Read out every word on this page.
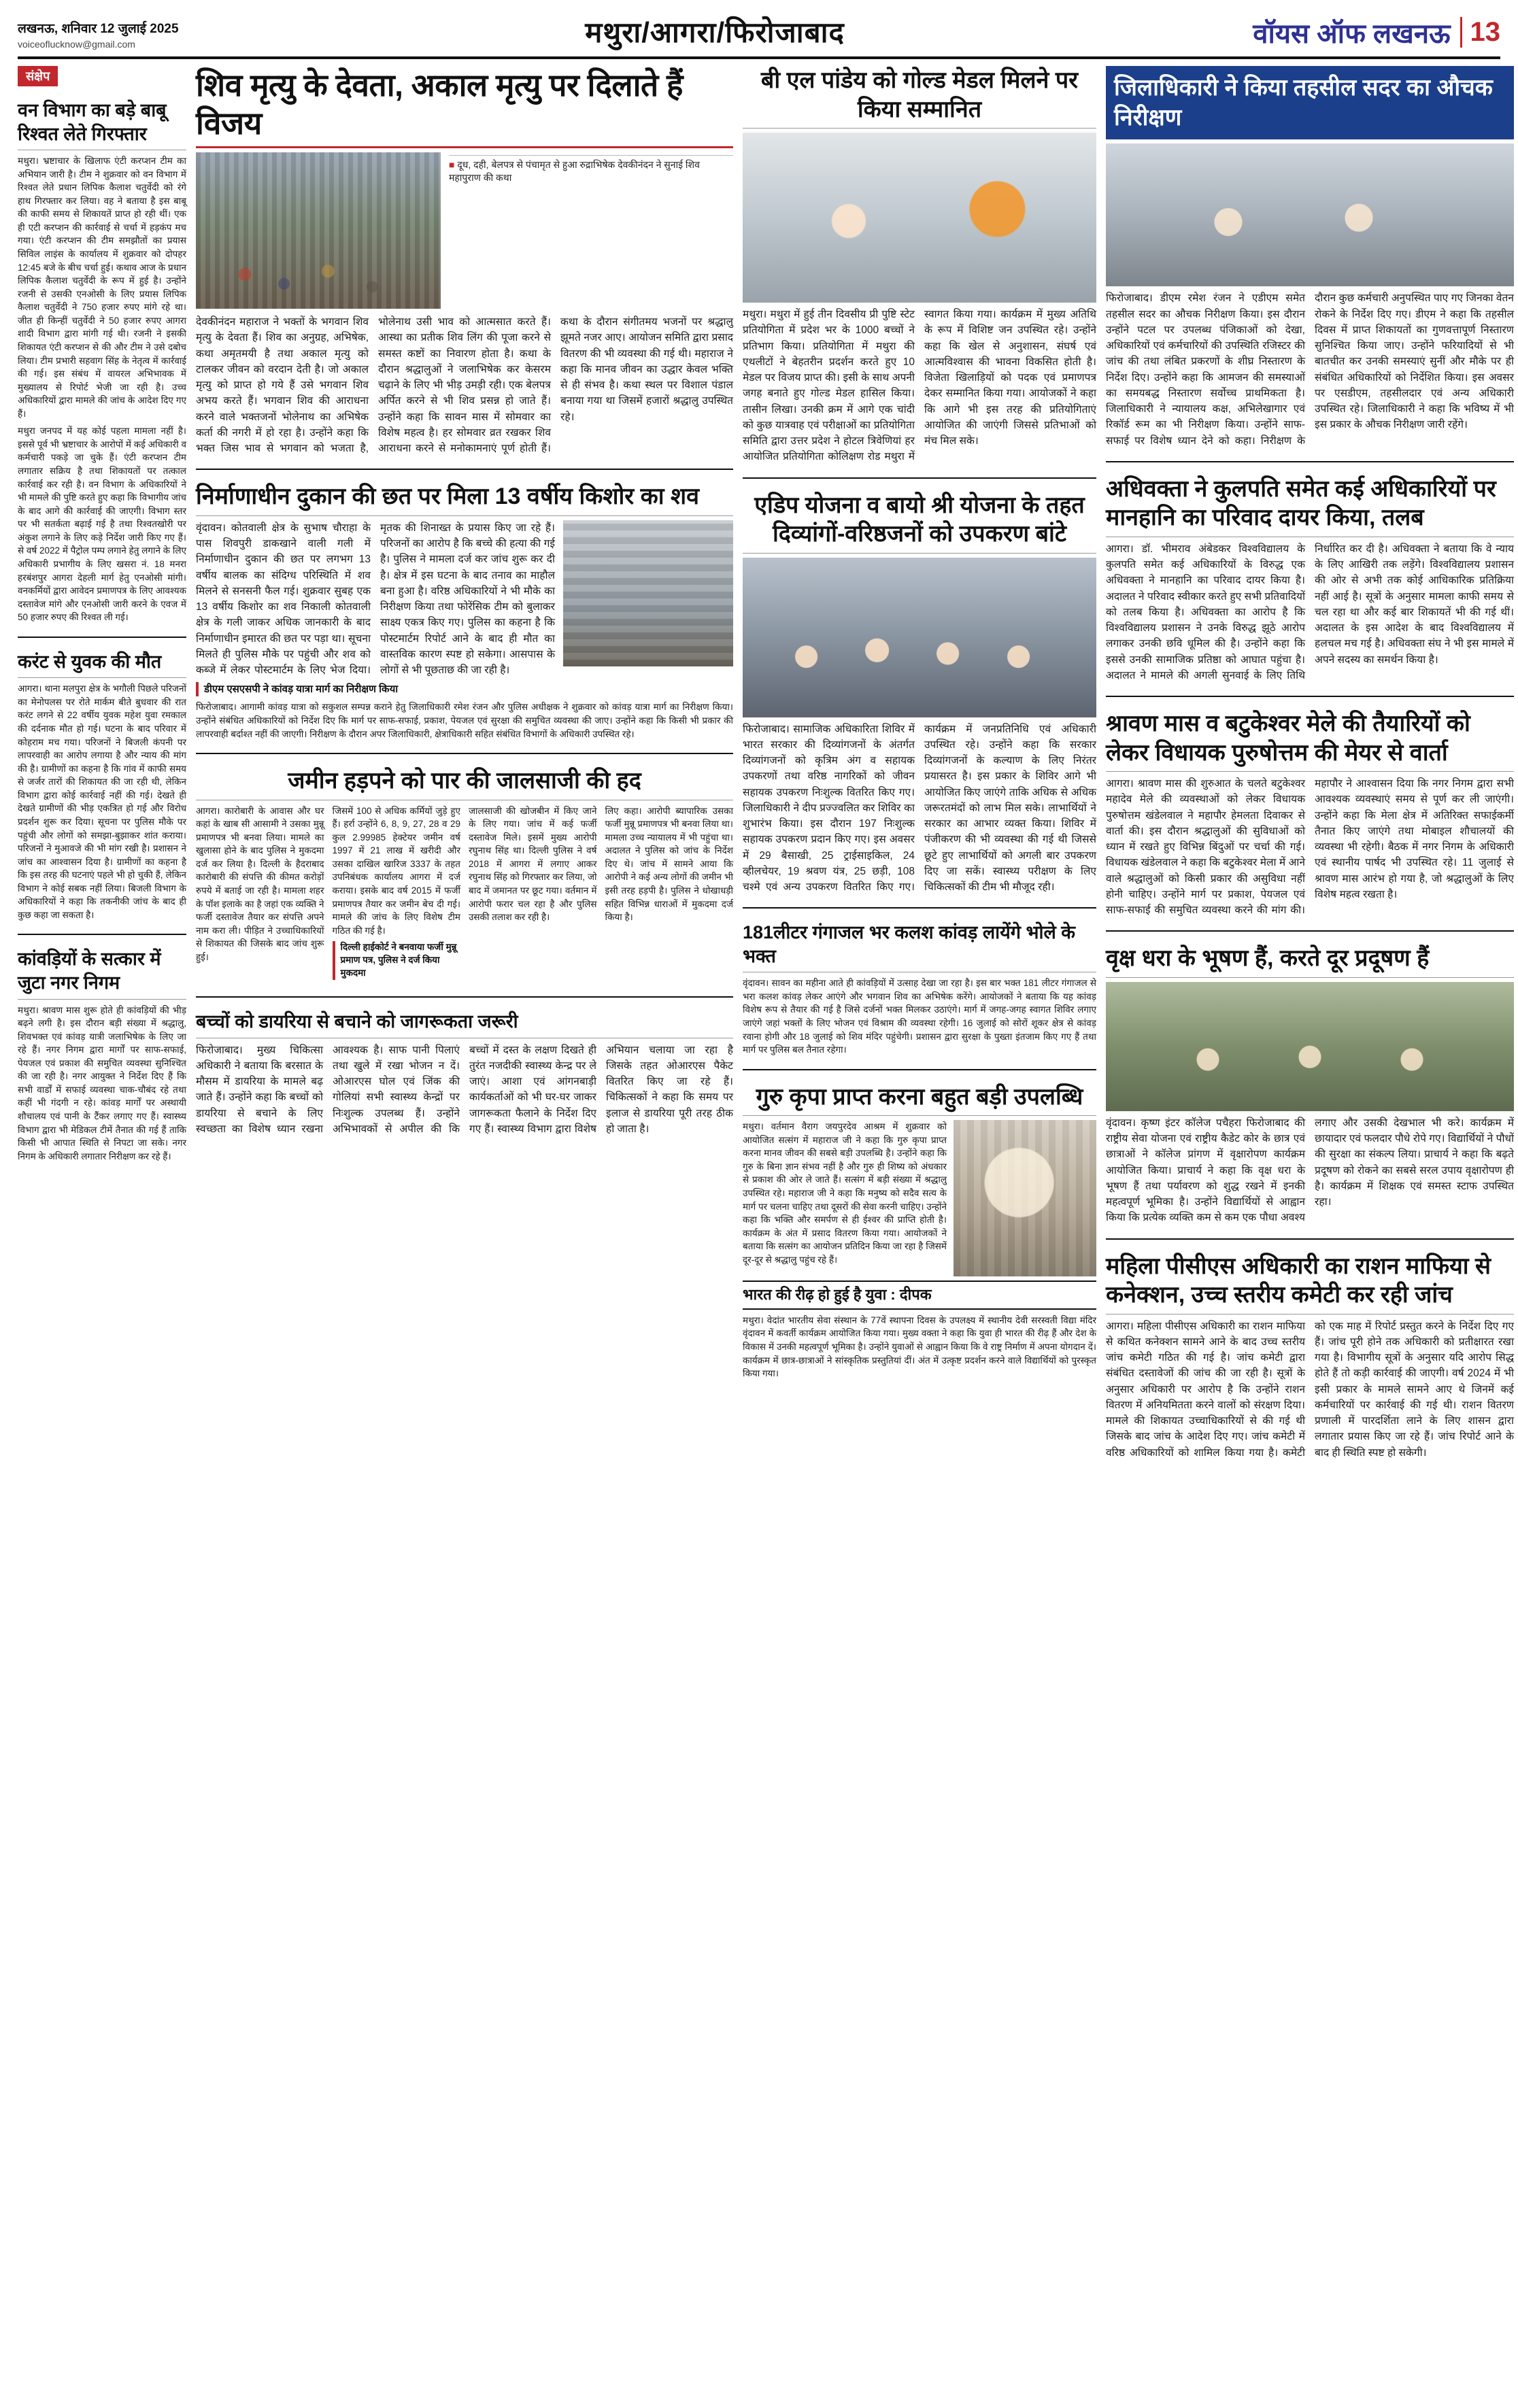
लखनऊ, शनिवार 12 जुलाई 2025
voiceoflucknow@gmail.com	मथुरा/आगरा/फिरोजाबाद	वॉयस ऑफ लखनऊ 13
संक्षेप
वन विभाग का बड़े बाबू रिश्वत लेते गिरफ्तार
मथुरा। भ्रष्टाचार के खिलाफ एंटी करप्शन टीम का अभियान जारी है। टीम ने शुक्रवार को वन विभाग में रिश्वत लेते प्रधान लिपिक कैलाश चतुर्वेदी को रंगे हाथ गिरफ्तार कर लिया। वह ने बताया है इस बाबू की काफी समय से शिकायतें प्राप्त हो रही थीं। एक ही एटी करप्शन की कार्रवाई से चर्चा में हड़कंप मच गया। एंटी करप्शन की टीम समझौतों का प्रयास सिविल लाइंस के कार्यालय में शुक्रवार को दोपहर 12:45 बजे के बीच चर्चा हुई। कथाव आज के प्रधान लिपिक कैलाश चतुर्वेदी के रूप में हुई है। उन्होंने रजनी से उसकी एनओसी के लिए प्रयास लिपिक कैलाश चतुर्वेदी ने 750 हजार रुपए मांगे रहे था। जीत ही किन्हीं चतुर्वेदी ने 50 हजार रुपए आगरा शादी विभाग द्वारा मांगी गई थी। रजनी ने इसकी शिकायत एंटी करप्शन से की और टीम ने उसे दबोच लिया। टीम प्रभारी सहवाग सिंह के नेतृत्व में कार्रवाई की गई। इस संबंध में वायरल अभिभावक में मुख्यालय से रिपोर्ट भेजी जा रही है। उच्च अधिकारियों द्वारा मामले की जांच के आदेश दिए गए हैं।
मथुरा जनपद में यह कोई पहला मामला नहीं है। इससे पूर्व भी भ्रष्टाचार के आरोपों में कई अधिकारी व कर्मचारी पकड़े जा चुके हैं। एंटी करप्शन टीम लगातार सक्रिय है तथा शिकायतों पर तत्काल कार्रवाई कर रही है। वन विभाग के अधिकारियों ने भी मामले की पुष्टि करते हुए कहा कि विभागीय जांच के बाद आगे की कार्रवाई की जाएगी। विभाग स्तर पर भी सतर्कता बढ़ाई गई है तथा रिश्वतखोरी पर अंकुश लगाने के लिए कड़े निर्देश जारी किए गए हैं। से वर्ष 2022 में पैट्रोल पम्प लगाने हेतु लगाने के लिए अधिकारी प्रभागीय के लिए खसरा नं. 18 मनरा हरबंशपुर आगरा देहली मार्ग हेतु एनओसी मांगी। वनकर्मियों द्वारा आवेदन प्रमाणपत्र के लिए आवश्यक दस्तावेज मांगे और एनओसी जारी करने के एवज में 50 हजार रुपए की रिश्वत ली गई।
करंट से युवक की मौत
आगरा। थाना मलपुरा क्षेत्र के भगौली पिछले परिजनों का मेनोपलस पर रोते मार्कम बीते बुधवार की रात करंट लगने से 22 वर्षीय युवक महेश युवा रमकाल की दर्दनाक मौत हो गई। घटना के बाद परिवार में कोहराम मच गया। परिजनों ने बिजली कंपनी पर लापरवाही का आरोप लगाया है और न्याय की मांग की है। ग्रामीणों का कहना है कि गांव में काफी समय से जर्जर तारों की शिकायत की जा रही थी, लेकिन विभाग द्वारा कोई कार्रवाई नहीं की गई। देखते ही देखते ग्रामीणों की भीड़ एकत्रित हो गई और विरोध प्रदर्शन शुरू कर दिया। सूचना पर पुलिस मौके पर पहुंची और लोगों को समझा-बुझाकर शांत कराया। परिजनों ने मुआवजे की भी मांग रखी है। प्रशासन ने जांच का आश्वासन दिया है। ग्रामीणों का कहना है कि इस तरह की घटनाएं पहले भी हो चुकी हैं, लेकिन विभाग ने कोई सबक नहीं लिया। बिजली विभाग के अधिकारियों ने कहा कि तकनीकी जांच के बाद ही कुछ कहा जा सकता है।
कांवड़ियों के सत्कार में जुटा नगर निगम
मथुरा। श्रावण मास शुरू होते ही कांवड़ियों की भीड़ बढ़ने लगी है। इस दौरान बड़ी संख्या में श्रद्धालु, शिवभक्त एवं कांवड़ यात्री जलाभिषेक के लिए जा रहे हैं। नगर निगम द्वारा मार्गों पर साफ-सफाई, पेयजल एवं प्रकाश की समुचित व्यवस्था सुनिश्चित की जा रही है। नगर आयुक्त ने निर्देश दिए हैं कि सभी वार्डों में सफाई व्यवस्था चाक-चौबंद रहे तथा कहीं भी गंदगी न रहे। कांवड़ मार्गों पर अस्थायी शौचालय एवं पानी के टैंकर लगाए गए हैं। स्वास्थ्य विभाग द्वारा भी मेडिकल टीमें तैनात की गई हैं ताकि किसी भी आपात स्थिति से निपटा जा सके। नगर निगम के अधिकारी लगातार निरीक्षण कर रहे हैं।
शिव मृत्यु के देवता, अकाल मृत्यु पर दिलाते हैं विजय
■ दूध, दही, बेलपत्र से पंचामृत से हुआ रुद्राभिषेक देवकीनंदन ने सुनाई शिव महापुराण की कथा
देवकीनंदन महाराज ने भक्तों के भगवान शिव मृत्यु के देवता हैं। शिव का अनुग्रह, अभिषेक, कथा अमृतमयी है तथा अकाल मृत्यु को टालकर जीवन को वरदान देती है। जो अकाल मृत्यु को प्राप्त हो गये हैं उसे भगवान शिव अभय करते हैं। भगवान शिव की आराधना करने वाले भक्तजनों भोलेनाथ का अभिषेक कर्ता की नगरी में हो रहा है। उन्होंने कहा कि भक्त जिस भाव से भगवान को भजता है, भोलेनाथ उसी भाव को आत्मसात करते हैं। आस्था का प्रतीक शिव लिंग की पूजा करने से समस्त कष्टों का निवारण होता है। कथा के दौरान श्रद्धालुओं ने जलाभिषेक कर केसरम चढ़ाने के लिए भी भीड़ उमड़ी रही। एक बेलपत्र अर्पित करने से भी शिव प्रसन्न हो जाते हैं। उन्होंने कहा कि सावन मास में सोमवार का विशेष महत्व है। हर सोमवार व्रत रखकर शिव आराधना करने से मनोकामनाएं पूर्ण होती हैं। कथा के दौरान संगीतमय भजनों पर श्रद्धालु झूमते नजर आए। आयोजन समिति द्वारा प्रसाद वितरण की भी व्यवस्था की गई थी। महाराज ने कहा कि मानव जीवन का उद्धार केवल भक्ति से ही संभव है। कथा स्थल पर विशाल पंडाल बनाया गया था जिसमें हजारों श्रद्धालु उपस्थित रहे।
निर्माणाधीन दुकान की छत पर मिला 13 वर्षीय किशोर का शव
वृंदावन। कोतवाली क्षेत्र के सुभाष चौराहा के पास शिवपुरी डाकखाने वाली गली में निर्माणाधीन दुकान की छत पर लगभग 13 वर्षीय बालक का संदिग्ध परिस्थिति में शव मिलने से सनसनी फैल गई। शुक्रवार सुबह एक 13 वर्षीय किशोर का शव निकाली कोतवाली क्षेत्र के गली जाकर अधिक जानकारी के बाद निर्माणाधीन इमारत की छत पर पड़ा था। सूचना मिलते ही पुलिस मौके पर पहुंची और शव को कब्जे में लेकर पोस्टमार्टम के लिए भेज दिया। मृतक की शिनाख्त के प्रयास किए जा रहे हैं। परिजनों का आरोप है कि बच्चे की हत्या की गई है। पुलिस ने मामला दर्ज कर जांच शुरू कर दी है। क्षेत्र में इस घटना के बाद तनाव का माहौल बना हुआ है। वरिष्ठ अधिकारियों ने भी मौके का निरीक्षण किया तथा फोरेंसिक टीम को बुलाकर साक्ष्य एकत्र किए गए। पुलिस का कहना है कि पोस्टमार्टम रिपोर्ट आने के बाद ही मौत का वास्तविक कारण स्पष्ट हो सकेगा। आसपास के लोगों से भी पूछताछ की जा रही है।
डीएम एसएसपी ने कांवड़ यात्रा मार्ग का निरीक्षण किया
फिरोजाबाद। आगामी कांवड़ यात्रा को सकुशल सम्पन्न कराने हेतु जिलाधिकारी रमेश रंजन और पुलिस अधीक्षक ने शुक्रवार को कांवड़ यात्रा मार्ग का निरीक्षण किया। उन्होंने संबंधित अधिकारियों को निर्देश दिए कि मार्ग पर साफ-सफाई, प्रकाश, पेयजल एवं सुरक्षा की समुचित व्यवस्था की जाए। उन्होंने कहा कि किसी भी प्रकार की लापरवाही बर्दाश्त नहीं की जाएगी। निरीक्षण के दौरान अपर जिलाधिकारी, क्षेत्राधिकारी सहित संबंधित विभागों के अधिकारी उपस्थित रहे।
जमीन हड़पने को पार की जालसाजी की हद
आगरा। कारोबारी के आवास और घर कहां के खाब सी आसामी ने उसका मुन्नू प्रमाणपत्र भी बनवा लिया। मामले का खुलासा होने के बाद पुलिस ने मुकदमा दर्ज कर लिया है। दिल्ली के हैदराबाद कारोबारी की संपत्ति की कीमत करोड़ों रुपये में बताई जा रही है। मामला शहर के पॉश इलाके का है जहां एक व्यक्ति ने फर्जी दस्तावेज तैयार कर संपत्ति अपने नाम करा ली। पीड़ित ने उच्चाधिकारियों से शिकायत की जिसके बाद जांच शुरू हुई।
जिसमें 100 से अधिक कर्मियों जुड़े हुए हैं। हर्रा उन्होंने 6, 8, 9, 27, 28 व 29 कुल 2.99985 हेक्टेयर जमीन वर्ष 1997 में 21 लाख में खरीदी और उसका दाखिल खारिज 3337 के तहत उपनिबंधक कार्यालय आगरा में दर्ज कराया। इसके बाद वर्ष 2015 में फर्जी प्रमाणपत्र तैयार कर जमीन बेच दी गई। मामले की जांच के लिए विशेष टीम गठित की गई है।
दिल्ली हाईकोर्ट ने बनवाया फर्जी मुन्नू प्रमाण पत्र, पुलिस ने दर्ज किया मुकदमा
जालसाजी की खोजबीन में किए जाने के लिए गया। जांच में कई फर्जी दस्तावेज मिले। इसमें मुख्य आरोपी रघुनाथ सिंह था। दिल्ली पुलिस ने वर्ष 2018 में आगरा में लगाए आकर रघुनाथ सिंह को गिरफ्तार कर लिया, जो बाद में जमानत पर छूट गया। वर्तमान में आरोपी फरार चल रहा है और पुलिस उसकी तलाश कर रही है।
लिए कहा। आरोपी ब्यापारिक उसका फर्जी मुन्नू प्रमाणपत्र भी बनवा लिया था। मामला उच्च न्यायालय में भी पहुंचा था। अदालत ने पुलिस को जांच के निर्देश दिए थे। जांच में सामने आया कि आरोपी ने कई अन्य लोगों की जमीन भी इसी तरह हड़पी है। पुलिस ने धोखाधड़ी सहित विभिन्न धाराओं में मुकदमा दर्ज किया है।
बच्चों को डायरिया से बचाने को जागरूकता जरूरी
फिरोजाबाद। मुख्य चिकित्सा अधिकारी ने बताया कि बरसात के मौसम में डायरिया के मामले बढ़ जाते हैं। उन्होंने कहा कि बच्चों को डायरिया से बचाने के लिए स्वच्छता का विशेष ध्यान रखना आवश्यक है। साफ पानी पिलाएं तथा खुले में रखा भोजन न दें। ओआरएस घोल एवं जिंक की गोलियां सभी स्वास्थ्य केन्द्रों पर निःशुल्क उपलब्ध हैं। उन्होंने अभिभावकों से अपील की कि बच्चों में दस्त के लक्षण दिखते ही तुरंत नजदीकी स्वास्थ्य केन्द्र पर ले जाएं। आशा एवं आंगनबाड़ी कार्यकर्ताओं को भी घर-घर जाकर जागरूकता फैलाने के निर्देश दिए गए हैं। स्वास्थ्य विभाग द्वारा विशेष अभियान चलाया जा रहा है जिसके तहत ओआरएस पैकेट वितरित किए जा रहे हैं। चिकित्सकों ने कहा कि समय पर इलाज से डायरिया पूरी तरह ठीक हो जाता है।
बी एल पांडेय को गोल्ड मेडल मिलने पर किया सम्मानित
मथुरा। मथुरा में हुई तीन दिवसीय प्री पुष्टि स्टेट प्रतियोगिता में प्रदेश भर के 1000 बच्चों ने प्रतिभाग किया। प्रतियोगिता में मथुरा की एथलीटों ने बेहतरीन प्रदर्शन करते हुए 10 मेडल पर विजय प्राप्त की। इसी के साथ अपनी जगह बनाते हुए गोल्ड मेडल हासिल किया। तासीन लिखा। उनकी क्रम में आगे एक चांदी को कुछ यात्रवाह एवं परीक्षाओं का प्रतियोगिता समिति द्वारा उत्तर प्रदेश ने होटल त्रिवेणियां हर आयोजित प्रतियोगिता कोलिक्षण रोड मथुरा में स्वागत किया गया। कार्यक्रम में मुख्य अतिथि के रूप में विशिष्ट जन उपस्थित रहे। उन्होंने कहा कि खेल से अनुशासन, संघर्ष एवं आत्मविश्वास की भावना विकसित होती है। विजेता खिलाड़ियों को पदक एवं प्रमाणपत्र देकर सम्मानित किया गया। आयोजकों ने कहा कि आगे भी इस तरह की प्रतियोगिताएं आयोजित की जाएंगी जिससे प्रतिभाओं को मंच मिल सके।
एडिप योजना व बायो श्री योजना के तहत दिव्यांगों-वरिष्ठजनों को उपकरण बांटे
फिरोजाबाद। सामाजिक अधिकारिता शिविर में भारत सरकार की दिव्यांगजनों के अंतर्गत दिव्यांगजनों को कृत्रिम अंग व सहायक उपकरणों तथा वरिष्ठ नागरिकों को जीवन सहायक उपकरण निःशुल्क वितरित किए गए। जिलाधिकारी ने दीप प्रज्ज्वलित कर शिविर का शुभारंभ किया। इस दौरान 197 निःशुल्क सहायक उपकरण प्रदान किए गए। इस अवसर में 29 बैसाखी, 25 ट्राईसाइकिल, 24 व्हीलचेयर, 19 श्रवण यंत्र, 25 छड़ी, 108 चश्मे एवं अन्य उपकरण वितरित किए गए। कार्यक्रम में जनप्रतिनिधि एवं अधिकारी उपस्थित रहे। उन्होंने कहा कि सरकार दिव्यांगजनों के कल्याण के लिए निरंतर प्रयासरत है। इस प्रकार के शिविर आगे भी आयोजित किए जाएंगे ताकि अधिक से अधिक जरूरतमंदों को लाभ मिल सके। लाभार्थियों ने सरकार का आभार व्यक्त किया। शिविर में पंजीकरण की भी व्यवस्था की गई थी जिससे छूटे हुए लाभार्थियों को अगली बार उपकरण दिए जा सकें। स्वास्थ्य परीक्षण के लिए चिकित्सकों की टीम भी मौजूद रही।
181लीटर गंगाजल भर कलश कांवड़ लायेंगे भोले के भक्त
वृंदावन। सावन का महीना आते ही कांवड़ियों में उत्साह देखा जा रहा है। इस बार भक्त 181 लीटर गंगाजल से भरा कलश कांवड़ लेकर आएंगे और भगवान शिव का अभिषेक करेंगे। आयोजकों ने बताया कि यह कांवड़ विशेष रूप से तैयार की गई है जिसे दर्जनों भक्त मिलकर उठाएंगे। मार्ग में जगह-जगह स्वागत शिविर लगाए जाएंगे जहां भक्तों के लिए भोजन एवं विश्राम की व्यवस्था रहेगी। 16 जुलाई को सोरों शूकर क्षेत्र से कांवड़ रवाना होगी और 18 जुलाई को शिव मंदिर पहुंचेगी। प्रशासन द्वारा सुरक्षा के पुख्ता इंतजाम किए गए हैं तथा मार्ग पर पुलिस बल तैनात रहेगा।
गुरु कृपा प्राप्त करना बहुत बड़ी उपलब्धि
मथुरा। वर्तमान वैराग जयपुरदेव आश्रम में शुक्रवार को आयोजित सत्संग में महाराज जी ने कहा कि गुरु कृपा प्राप्त करना मानव जीवन की सबसे बड़ी उपलब्धि है। उन्होंने कहा कि गुरु के बिना ज्ञान संभव नहीं है और गुरु ही शिष्य को अंधकार से प्रकाश की ओर ले जाते हैं। सत्संग में बड़ी संख्या में श्रद्धालु उपस्थित रहे। महाराज जी ने कहा कि मनुष्य को सदैव सत्य के मार्ग पर चलना चाहिए तथा दूसरों की सेवा करनी चाहिए। उन्होंने कहा कि भक्ति और समर्पण से ही ईश्वर की प्राप्ति होती है। कार्यक्रम के अंत में प्रसाद वितरण किया गया। आयोजकों ने बताया कि सत्संग का आयोजन प्रतिदिन किया जा रहा है जिसमें दूर-दूर से श्रद्धालु पहुंच रहे हैं।
भारत की रीढ़ हो हुई है युवा : दीपक
मथुरा। वेदांत भारतीय सेवा संस्थान के 77वें स्थापना दिवस के उपलक्ष्य में स्थानीय देवी सरस्वती विद्या मंदिर वृंदावन में कवर्ती कार्यक्रम आयोजित किया गया। मुख्य वक्ता ने कहा कि युवा ही भारत की रीढ़ हैं और देश के विकास में उनकी महत्वपूर्ण भूमिका है। उन्होंने युवाओं से आह्वान किया कि वे राष्ट्र निर्माण में अपना योगदान दें। कार्यक्रम में छात्र-छात्राओं ने सांस्कृतिक प्रस्तुतियां दीं। अंत में उत्कृष्ट प्रदर्शन करने वाले विद्यार्थियों को पुरस्कृत किया गया।
जिलाधिकारी ने किया तहसील सदर का औचक निरीक्षण
फिरोजाबाद। डीएम रमेश रंजन ने एडीएम समेत तहसील सदर का औचक निरीक्षण किया। इस दौरान उन्होंने पटल पर उपलब्ध पंजिकाओं को देखा, अधिकारियों एवं कर्मचारियों की उपस्थिति रजिस्टर की जांच की तथा लंबित प्रकरणों के शीघ्र निस्तारण के निर्देश दिए। उन्होंने कहा कि आमजन की समस्याओं का समयबद्ध निस्तारण सर्वोच्च प्राथमिकता है। जिलाधिकारी ने न्यायालय कक्ष, अभिलेखागार एवं रिकॉर्ड रूम का भी निरीक्षण किया। उन्होंने साफ-सफाई पर विशेष ध्यान देने को कहा। निरीक्षण के दौरान कुछ कर्मचारी अनुपस्थित पाए गए जिनका वेतन रोकने के निर्देश दिए गए। डीएम ने कहा कि तहसील दिवस में प्राप्त शिकायतों का गुणवत्तापूर्ण निस्तारण सुनिश्चित किया जाए। उन्होंने फरियादियों से भी बातचीत कर उनकी समस्याएं सुनीं और मौके पर ही संबंधित अधिकारियों को निर्देशित किया। इस अवसर पर एसडीएम, तहसीलदार एवं अन्य अधिकारी उपस्थित रहे। जिलाधिकारी ने कहा कि भविष्य में भी इस प्रकार के औचक निरीक्षण जारी रहेंगे।
अधिवक्ता ने कुलपति समेत कई अधिकारियों पर मानहानि का परिवाद दायर किया, तलब
आगरा। डॉ. भीमराव अंबेडकर विश्वविद्यालय के कुलपति समेत कई अधिकारियों के विरुद्ध एक अधिवक्ता ने मानहानि का परिवाद दायर किया है। अदालत ने परिवाद स्वीकार करते हुए सभी प्रतिवादियों को तलब किया है। अधिवक्ता का आरोप है कि विश्वविद्यालय प्रशासन ने उनके विरुद्ध झूठे आरोप लगाकर उनकी छवि धूमिल की है। उन्होंने कहा कि इससे उनकी सामाजिक प्रतिष्ठा को आघात पहुंचा है। अदालत ने मामले की अगली सुनवाई के लिए तिथि निर्धारित कर दी है। अधिवक्ता ने बताया कि वे न्याय के लिए आखिरी तक लड़ेंगे। विश्वविद्यालय प्रशासन की ओर से अभी तक कोई आधिकारिक प्रतिक्रिया नहीं आई है। सूत्रों के अनुसार मामला काफी समय से चल रहा था और कई बार शिकायतें भी की गई थीं। अदालत के इस आदेश के बाद विश्वविद्यालय में हलचल मच गई है। अधिवक्ता संघ ने भी इस मामले में अपने सदस्य का समर्थन किया है।
श्रावण मास व बटुकेश्वर मेले की तैयारियों को लेकर विधायक पुरुषोत्तम की मेयर से वार्ता
आगरा। श्रावण मास की शुरुआत के चलते बटुकेश्वर महादेव मेले की व्यवस्थाओं को लेकर विधायक पुरुषोत्तम खंडेलवाल ने महापौर हेमलता दिवाकर से वार्ता की। इस दौरान श्रद्धालुओं की सुविधाओं को ध्यान में रखते हुए विभिन्न बिंदुओं पर चर्चा की गई। विधायक खंडेलवाल ने कहा कि बटुकेश्वर मेला में आने वाले श्रद्धालुओं को किसी प्रकार की असुविधा नहीं होनी चाहिए। उन्होंने मार्ग पर प्रकाश, पेयजल एवं साफ-सफाई की समुचित व्यवस्था करने की मांग की। महापौर ने आश्वासन दिया कि नगर निगम द्वारा सभी आवश्यक व्यवस्थाएं समय से पूर्ण कर ली जाएंगी। उन्होंने कहा कि मेला क्षेत्र में अतिरिक्त सफाईकर्मी तैनात किए जाएंगे तथा मोबाइल शौचालयों की व्यवस्था भी रहेगी। बैठक में नगर निगम के अधिकारी एवं स्थानीय पार्षद भी उपस्थित रहे। 11 जुलाई से श्रावण मास आरंभ हो गया है, जो श्रद्धालुओं के लिए विशेष महत्व रखता है।
वृक्ष धरा के भूषण हैं, करते दूर प्रदूषण हैं
वृंदावन। कृष्ण इंटर कॉलेज पचैहरा फिरोजाबाद की राष्ट्रीय सेवा योजना एवं राष्ट्रीय कैडेट कोर के छात्र एवं छात्राओं ने कॉलेज प्रांगण में वृक्षारोपण कार्यक्रम आयोजित किया। प्राचार्य ने कहा कि वृक्ष धरा के भूषण हैं तथा पर्यावरण को शुद्ध रखने में इनकी महत्वपूर्ण भूमिका है। उन्होंने विद्यार्थियों से आह्वान किया कि प्रत्येक व्यक्ति कम से कम एक पौधा अवश्य लगाए और उसकी देखभाल भी करे। कार्यक्रम में छायादार एवं फलदार पौधे रोपे गए। विद्यार्थियों ने पौधों की सुरक्षा का संकल्प लिया। प्राचार्य ने कहा कि बढ़ते प्रदूषण को रोकने का सबसे सरल उपाय वृक्षारोपण ही है। कार्यक्रम में शिक्षक एवं समस्त स्टाफ उपस्थित रहा।
महिला पीसीएस अधिकारी का राशन माफिया से कनेक्शन, उच्च स्तरीय कमेटी कर रही जांच
आगरा। महिला पीसीएस अधिकारी का राशन माफिया से कथित कनेक्शन सामने आने के बाद उच्च स्तरीय जांच कमेटी गठित की गई है। जांच कमेटी द्वारा संबंधित दस्तावेजों की जांच की जा रही है। सूत्रों के अनुसार अधिकारी पर आरोप है कि उन्होंने राशन वितरण में अनियमितता करने वालों को संरक्षण दिया। मामले की शिकायत उच्चाधिकारियों से की गई थी जिसके बाद जांच के आदेश दिए गए। जांच कमेटी में वरिष्ठ अधिकारियों को शामिल किया गया है। कमेटी को एक माह में रिपोर्ट प्रस्तुत करने के निर्देश दिए गए हैं। जांच पूरी होने तक अधिकारी को प्रतीक्षारत रखा गया है। विभागीय सूत्रों के अनुसार यदि आरोप सिद्ध होते हैं तो कड़ी कार्रवाई की जाएगी। वर्ष 2024 में भी इसी प्रकार के मामले सामने आए थे जिनमें कई कर्मचारियों पर कार्रवाई की गई थी। राशन वितरण प्रणाली में पारदर्शिता लाने के लिए शासन द्वारा लगातार प्रयास किए जा रहे हैं। जांच रिपोर्ट आने के बाद ही स्थिति स्पष्ट हो सकेगी।
